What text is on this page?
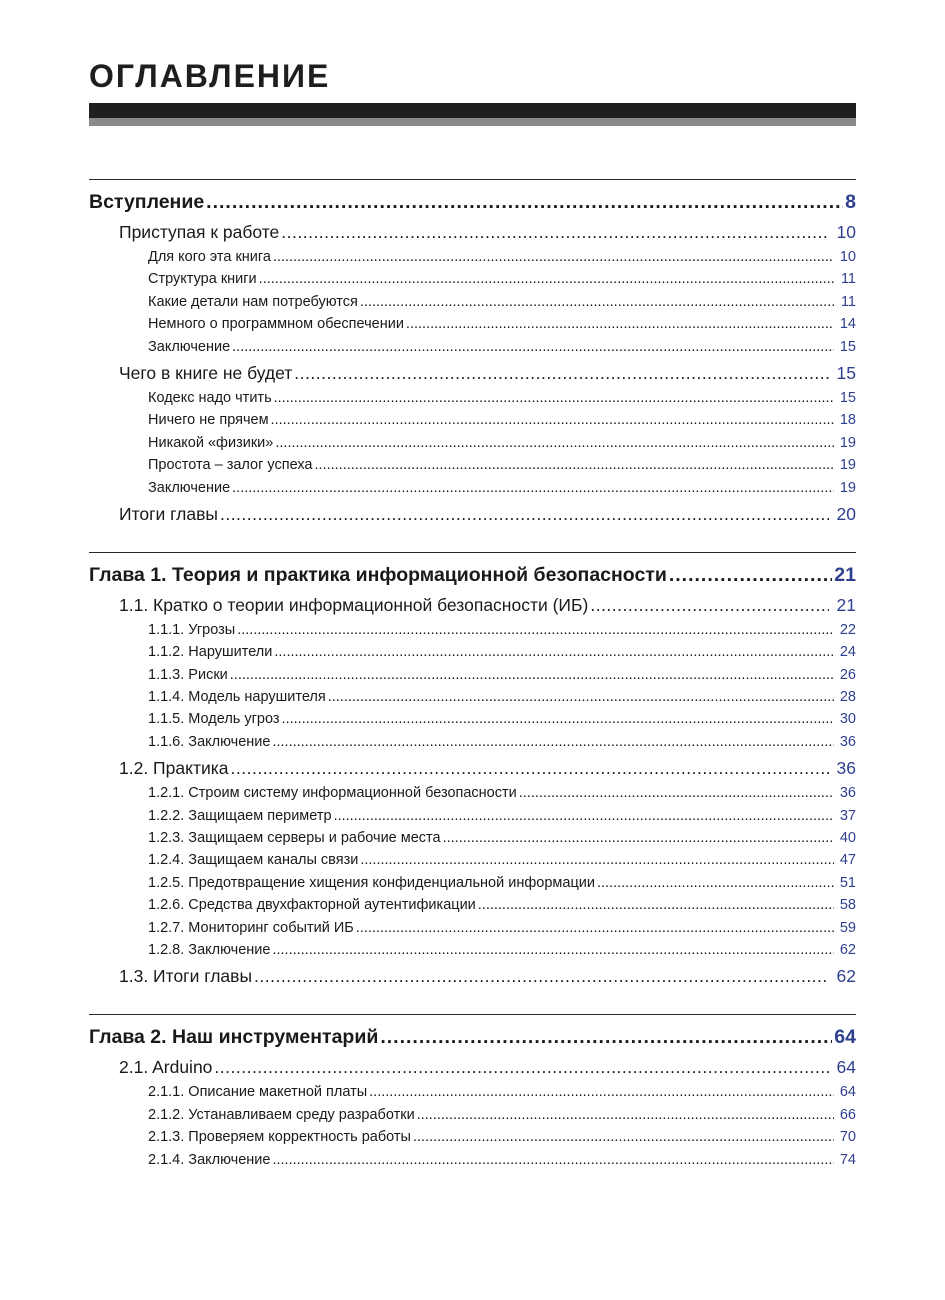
ОГЛАВЛЕНИЕ
Вступление .....	8
Приступая к работе .....	10
Для кого эта книга .....	10
Структура книги .....	11
Какие детали нам потребуются .....	11
Немного о программном обеспечении .....	14
Заключение .....	15
Чего в книге не будет .....	15
Кодекс надо чтить .....	15
Ничего не прячем .....	18
Никакой «физики» .....	19
Простота – залог успеха .....	19
Заключение .....	19
Итоги главы .....	20
Глава 1. Теория и практика информационной безопасности .....	21
1.1. Кратко о теории информационной безопасности (ИБ) .....	21
1.1.1. Угрозы .....	22
1.1.2. Нарушители .....	24
1.1.3. Риски .....	26
1.1.4. Модель нарушителя .....	28
1.1.5. Модель угроз .....	30
1.1.6. Заключение .....	36
1.2. Практика .....	36
1.2.1. Строим систему информационной безопасности .....	36
1.2.2. Защищаем периметр .....	37
1.2.3. Защищаем серверы и рабочие места .....	40
1.2.4. Защищаем каналы связи .....	47
1.2.5. Предотвращение хищения конфиденциальной информации .....	51
1.2.6. Средства двухфакторной аутентификации .....	58
1.2.7. Мониторинг событий ИБ .....	59
1.2.8. Заключение .....	62
1.3. Итоги главы .....	62
Глава 2. Наш инструментарий .....	64
2.1. Arduino .....	64
2.1.1. Описание макетной платы .....	64
2.1.2. Устанавливаем среду разработки .....	66
2.1.3. Проверяем корректность работы .....	70
2.1.4. Заключение .....	74
